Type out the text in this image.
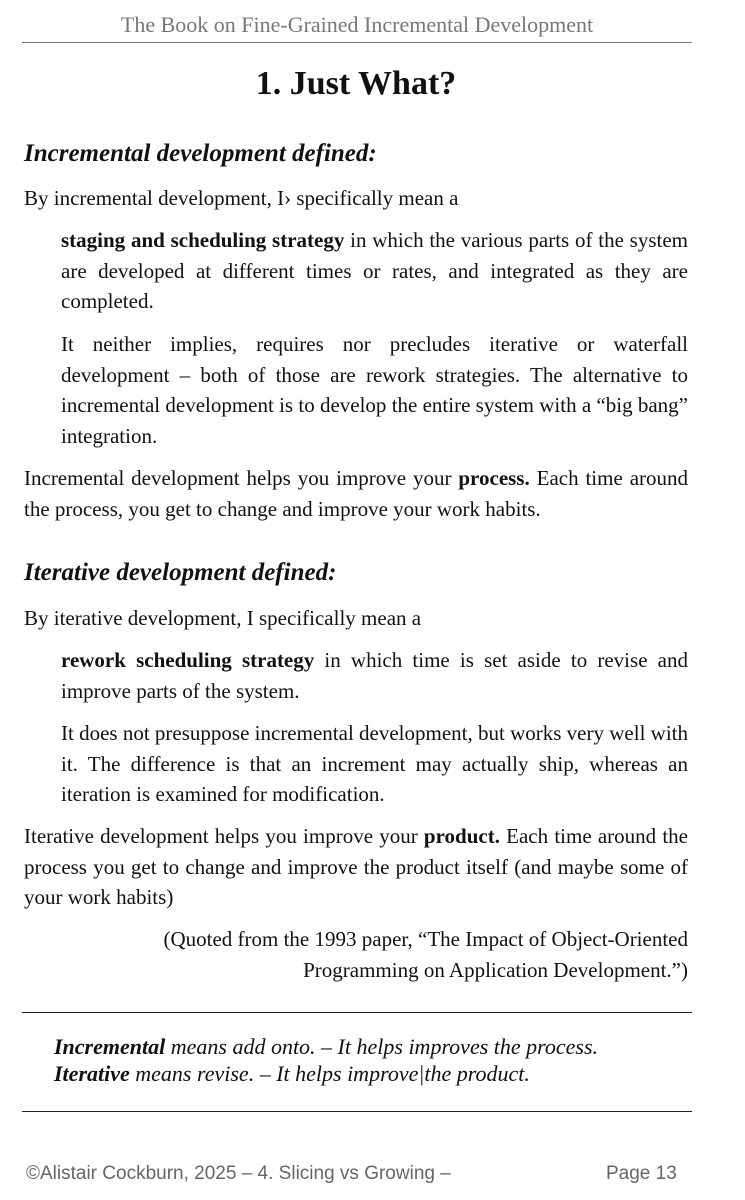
The Book on Fine-Grained Incremental Development
1. Just What?
Incremental development defined:

By incremental development, I› specifically mean a

staging and scheduling strategy in which the various parts of the system are developed at different times or rates, and integrated as they are completed.

It neither implies, requires nor precludes iterative or waterfall development – both of those are rework strategies. The alternative to incremental development is to develop the entire system with a “big bang” integration.

Incremental development helps you improve your process. Each time around the process, you get to change and improve your work habits.

Iterative development defined:

By iterative development, I specifically mean a

rework scheduling strategy in which time is set aside to revise and improve parts of the system.

It does not presuppose incremental development, but works very well with it. The difference is that an increment may actually ship, whereas an iteration is examined for modification.

Iterative development helps you improve your product. Each time around the process you get to change and improve the product itself (and maybe some of your work habits)

(Quoted from the 1993 paper, “The Impact of Object-Oriented
Programming on Application Development.”)

Incremental means add onto. – It helps improves the process.
Iterative means revise. – It helps improve|the product.

©Alistair Cockburn, 2025 – 4. Slicing vs Growing –	Page 13
